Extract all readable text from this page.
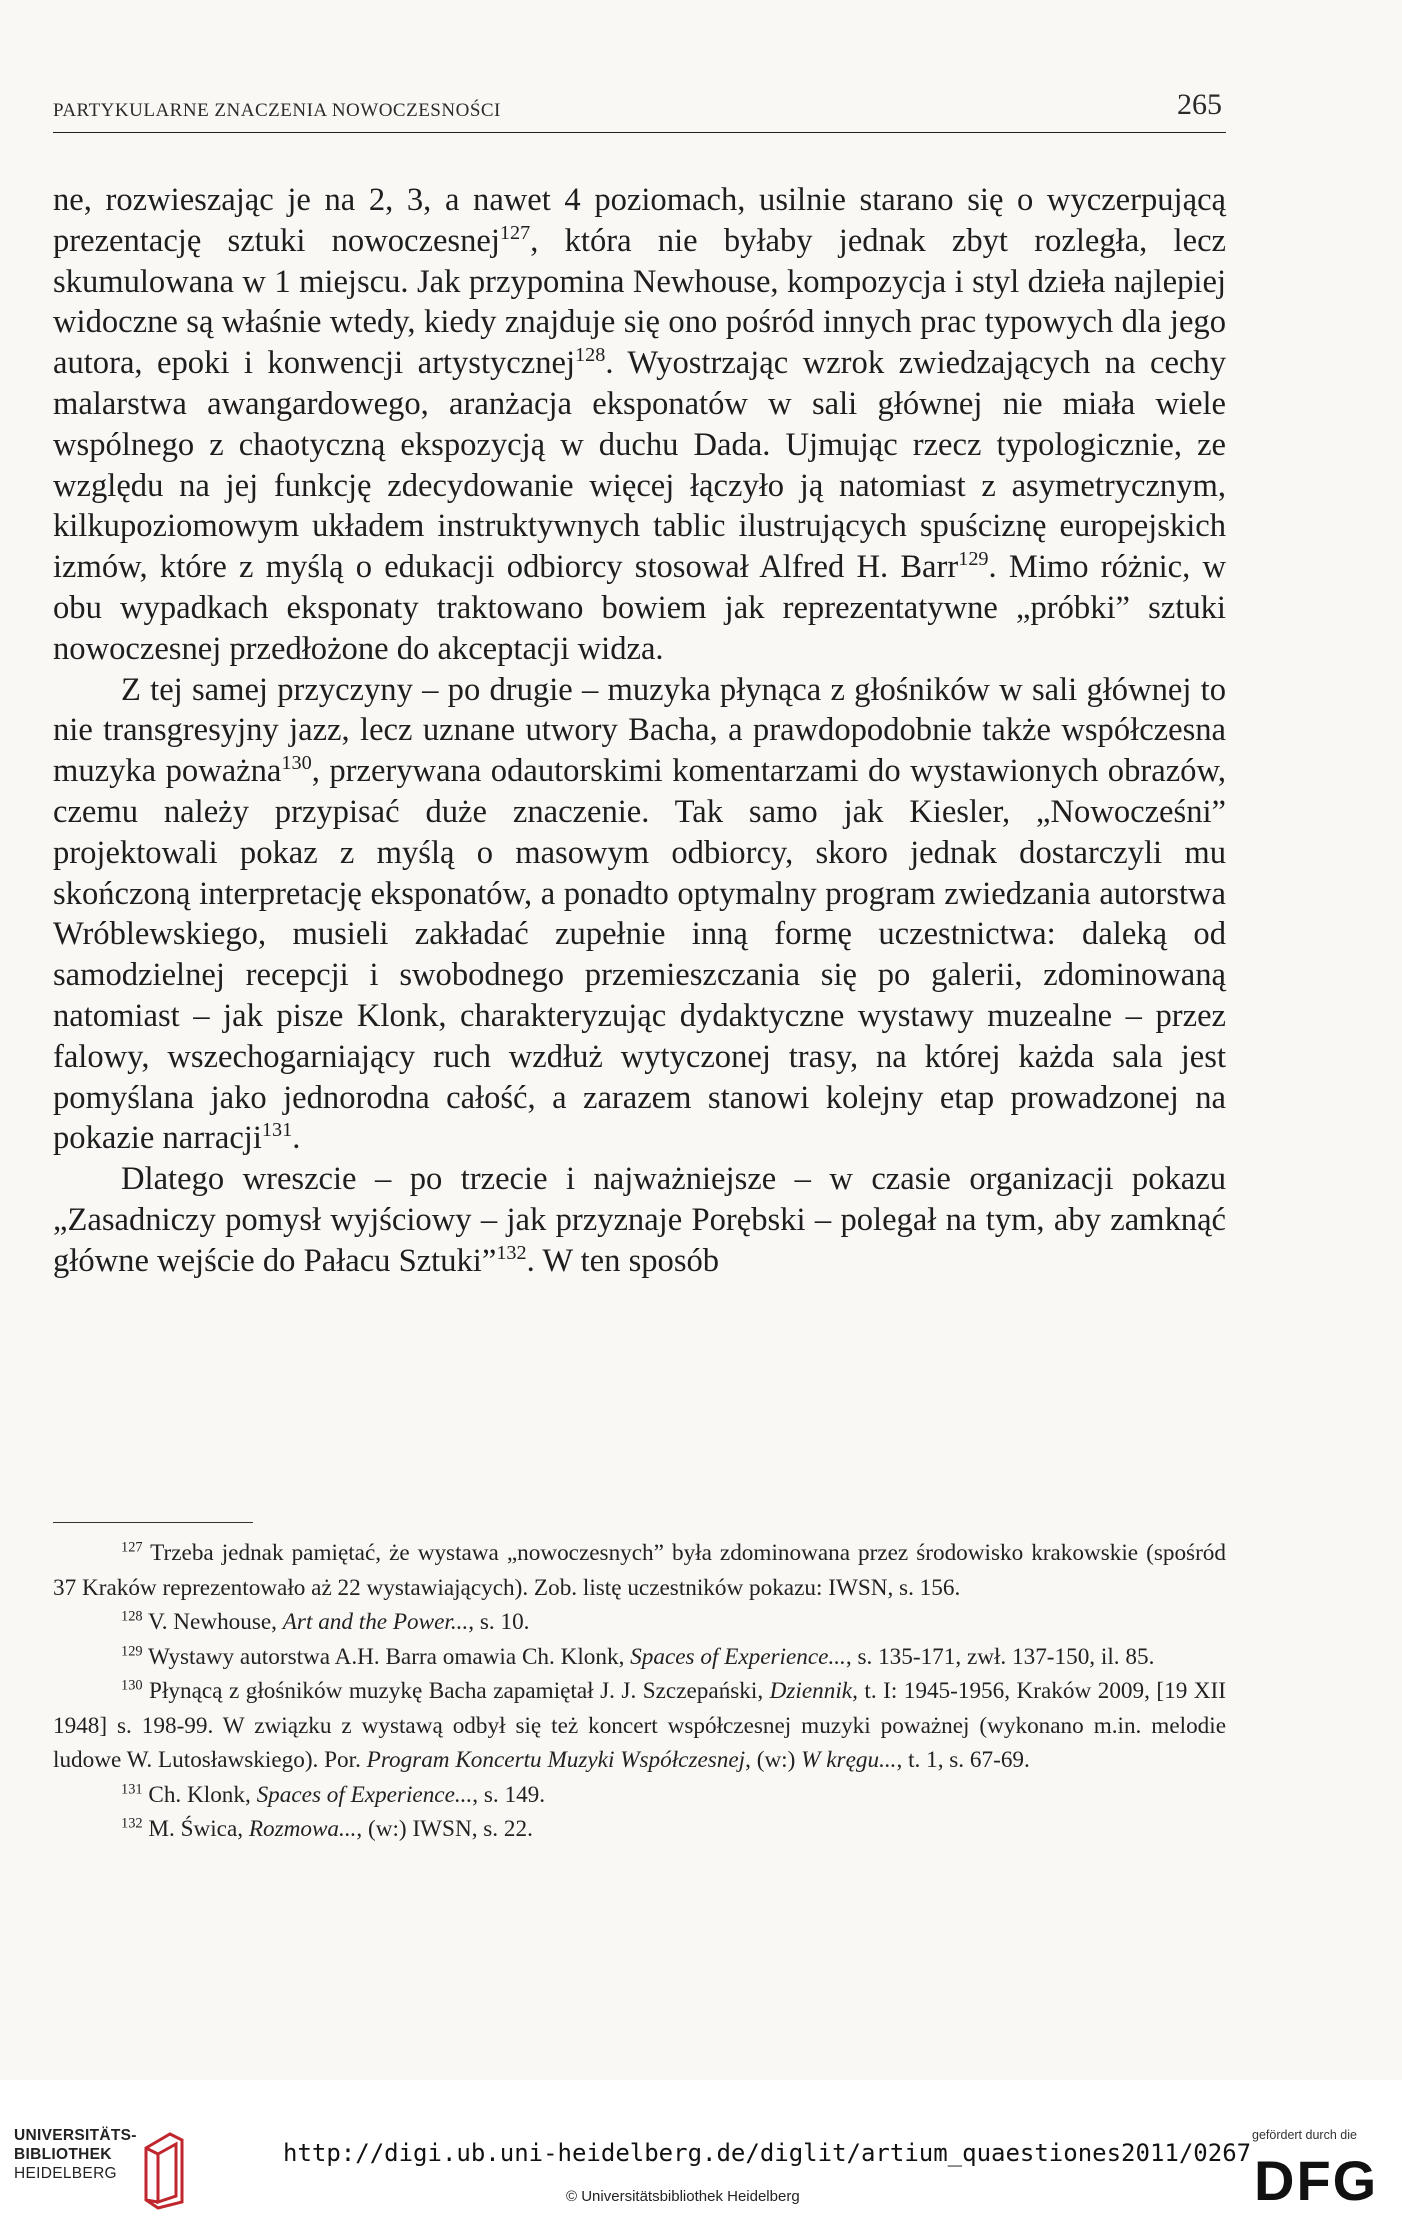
PARTYKULARNE ZNACZENIA NOWOCZESNOŚCI	265

ne, rozwieszając je na 2, 3, a nawet 4 poziomach, usilnie starano się o wyczerpującą prezentację sztuki nowoczesnej$^{127}$, która nie byłaby jednak zbyt rozległa, lecz skumulowana w 1 miejscu. Jak przypomina Newhouse, kompozycja i styl dzieła najlepiej widoczne są właśnie wtedy, kiedy znajduje się ono pośród innych prac typowych dla jego autora, epoki i konwencji artystycznej$^{128}$. Wyostrzając wzrok zwiedzających na cechy malarstwa awangardowego, aranżacja eksponatów w sali głównej nie miała wiele wspólnego z chaotyczną ekspozycją w duchu Dada. Ujmując rzecz typologicznie, ze względu na jej funkcję zdecydowanie więcej łączyło ją natomiast z asymetrycznym, kilkupoziomowym układem instruktywnych tablic ilustrujących spuściznę europejskich izmów, które z myślą o edukacji odbiorcy stosował Alfred H. Barr$^{129}$. Mimo różnic, w obu wypadkach eksponaty traktowano bowiem jak reprezentatywne „próbki” sztuki nowoczesnej przedłożone do akceptacji widza.

Z tej samej przyczyny – po drugie – muzyka płynąca z głośników w sali głównej to nie transgresyjny jazz, lecz uznane utwory Bacha, a prawdopodobnie także współczesna muzyka poważna$^{130}$, przerywana odautorskimi komentarzami do wystawionych obrazów, czemu należy przypisać duże znaczenie. Tak samo jak Kiesler, „Nowocześni” projektowali pokaz z myślą o masowym odbiorcy, skoro jednak dostarczyli mu skończoną interpretację eksponatów, a ponadto optymalny program zwiedzania autorstwa Wróblewskiego, musieli zakładać zupełnie inną formę uczestnictwa: daleką od samodzielnej recepcji i swobodnego przemieszczania się po galerii, zdominowaną natomiast – jak pisze Klonk, charakteryzując dydaktyczne wystawy muzealne – przez falowy, wszechogarniający ruch wzdłuż wytyczonej trasy, na której każda sala jest pomyślana jako jednorodna całość, a zarazem stanowi kolejny etap prowadzonej na pokazie narracji$^{131}$.

Dlatego wreszcie – po trzecie i najważniejsze – w czasie organizacji pokazu „Zasadniczy pomysł wyjściowy – jak przyznaje Porębski – polegał na tym, aby zamknąć główne wejście do Pałacu Sztuki”$^{132}$. W ten sposób

$^{127}$ Trzeba jednak pamiętać, że wystawa „nowoczesnych” była zdominowana przez środowisko krakowskie (spośród 37 Kraków reprezentowało aż 22 wystawiających). Zob. listę uczestników pokazu: IWSN, s. 156.

$^{128}$ V. Newhouse, Art and the Power..., s. 10.

$^{129}$ Wystawy autorstwa A.H. Barra omawia Ch. Klonk, Spaces of Experience..., s. 135-171, zwł. 137-150, il. 85.

$^{130}$ Płynącą z głośników muzykę Bacha zapamiętał J. J. Szczepański, Dziennik, t. I: 1945-1956, Kraków 2009, [19 XII 1948] s. 198-99. W związku z wystawą odbył się też koncert współczesnej muzyki poważnej (wykonano m.in. melodie ludowe W. Lutosławskiego). Por. Program Koncertu Muzyki Współczesnej, (w:) W kręgu..., t. 1, s. 67-69.

$^{131}$ Ch. Klonk, Spaces of Experience..., s. 149.

$^{132}$ M. Świca, Rozmowa..., (w:) IWSN, s. 22.

UNIVERSITÄTS-
BIBLIOTHEK
HEIDELBERG
http://digi.ub.uni-heidelberg.de/diglit/artium_quaestiones2011/0267
© Universitätsbibliothek Heidelberg
gefördert durch die
DFG
